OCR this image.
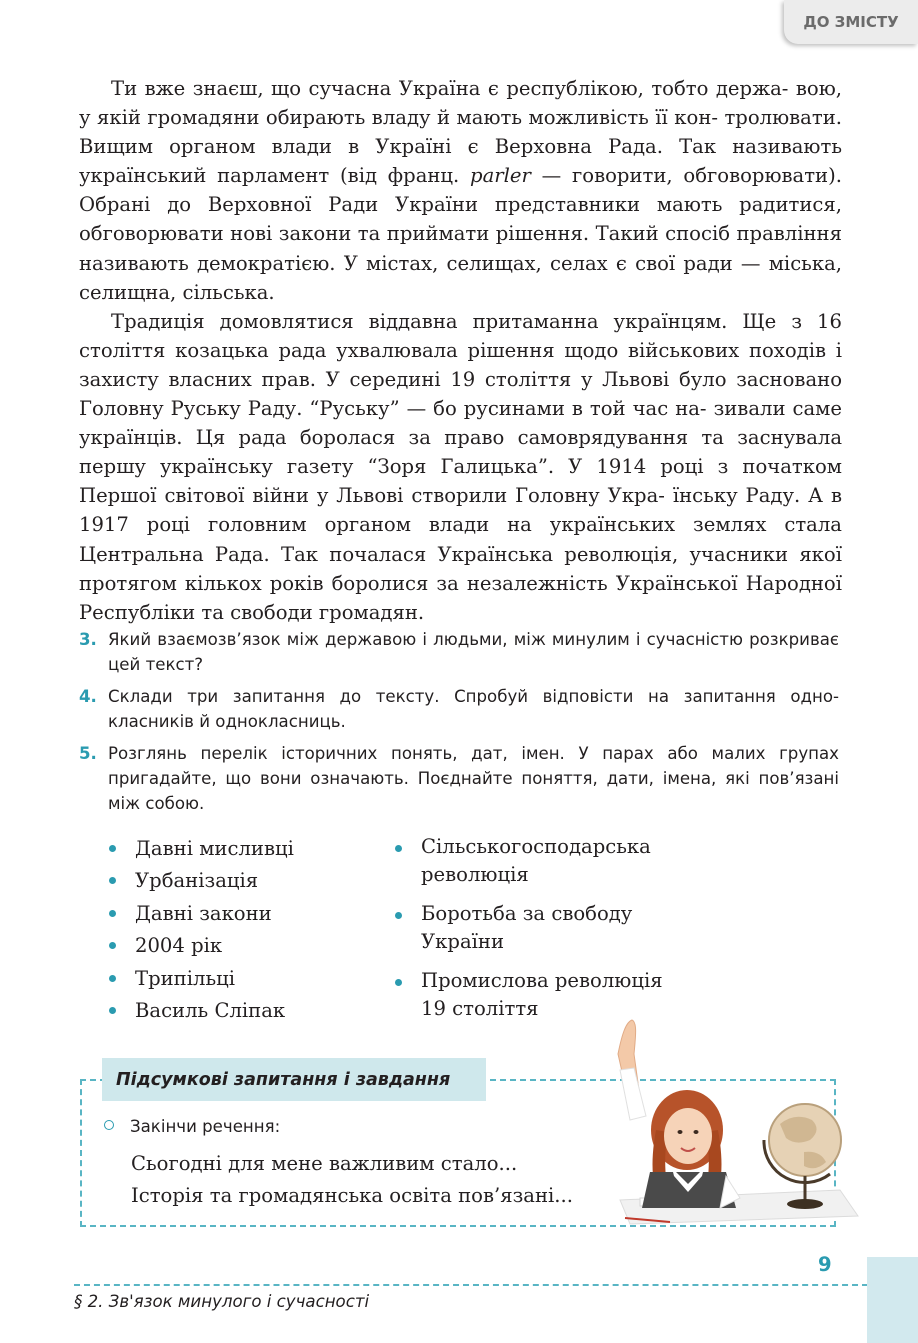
ДО ЗМІСТУ

Ти вже знаєш, що сучасна Україна є республікою, тобто держа- вою, у якій громадяни обирають владу й мають можливість її кон- тролювати. Вищим органом влади в Україні є Верховна Рада. Так називають український парламент (від франц. parler — говорити, обговорювати). Обрані до Верховної Ради України представники мають радитися, обговорювати нові закони та приймати рішення. Такий спосіб правління називають демократією. У містах, селищах, селах є свої ради — міська, селищна, сільська.

Традиція домовлятися віддавна притаманна українцям. Ще з 16 століття козацька рада ухвалювала рішення щодо військових походів і захисту власних прав. У середині 19 століття у Львові було засновано Головну Руську Раду. “Руську” — бо русинами в той час на- зивали саме українців. Ця рада боролася за право самоврядування та заснувала першу українську газету “Зоря Галицька”. У 1914 році з початком Першої світової війни у Львові створили Головну Укра- їнську Раду. А в 1917 році головним органом влади на українських землях стала Центральна Рада. Так почалася Українська революція, учасники якої протягом кількох років боролися за незалежність Української Народної Республіки та свободи громадян.

3. Який взаємозв’язок між державою і людьми, між минулим і сучасністю розкриває цей текст?
4. Склади три запитання до тексту. Спробуй відповісти на запитання одно-класників й однокласниць.
5. Розглянь перелік історичних понять, дат, імен. У парах або малих групах пригадайте, що вони означають. Поєднайте поняття, дати, імена, які пов’язані між собою.
Давні мисливці
Урбанізація
Давні закони
2004 рік
Трипільці
Василь Сліпак
Сільськогосподарська
революція
Боротьба за свободу
України
Промислова революція
19 століття
Підсумкові запитання і завдання
Закінчи речення:
Сьогодні для мене важливим стало...
Історія та громадянська освіта пов’язані...
§ 2. Зв'язок минулого і сучасності
9
